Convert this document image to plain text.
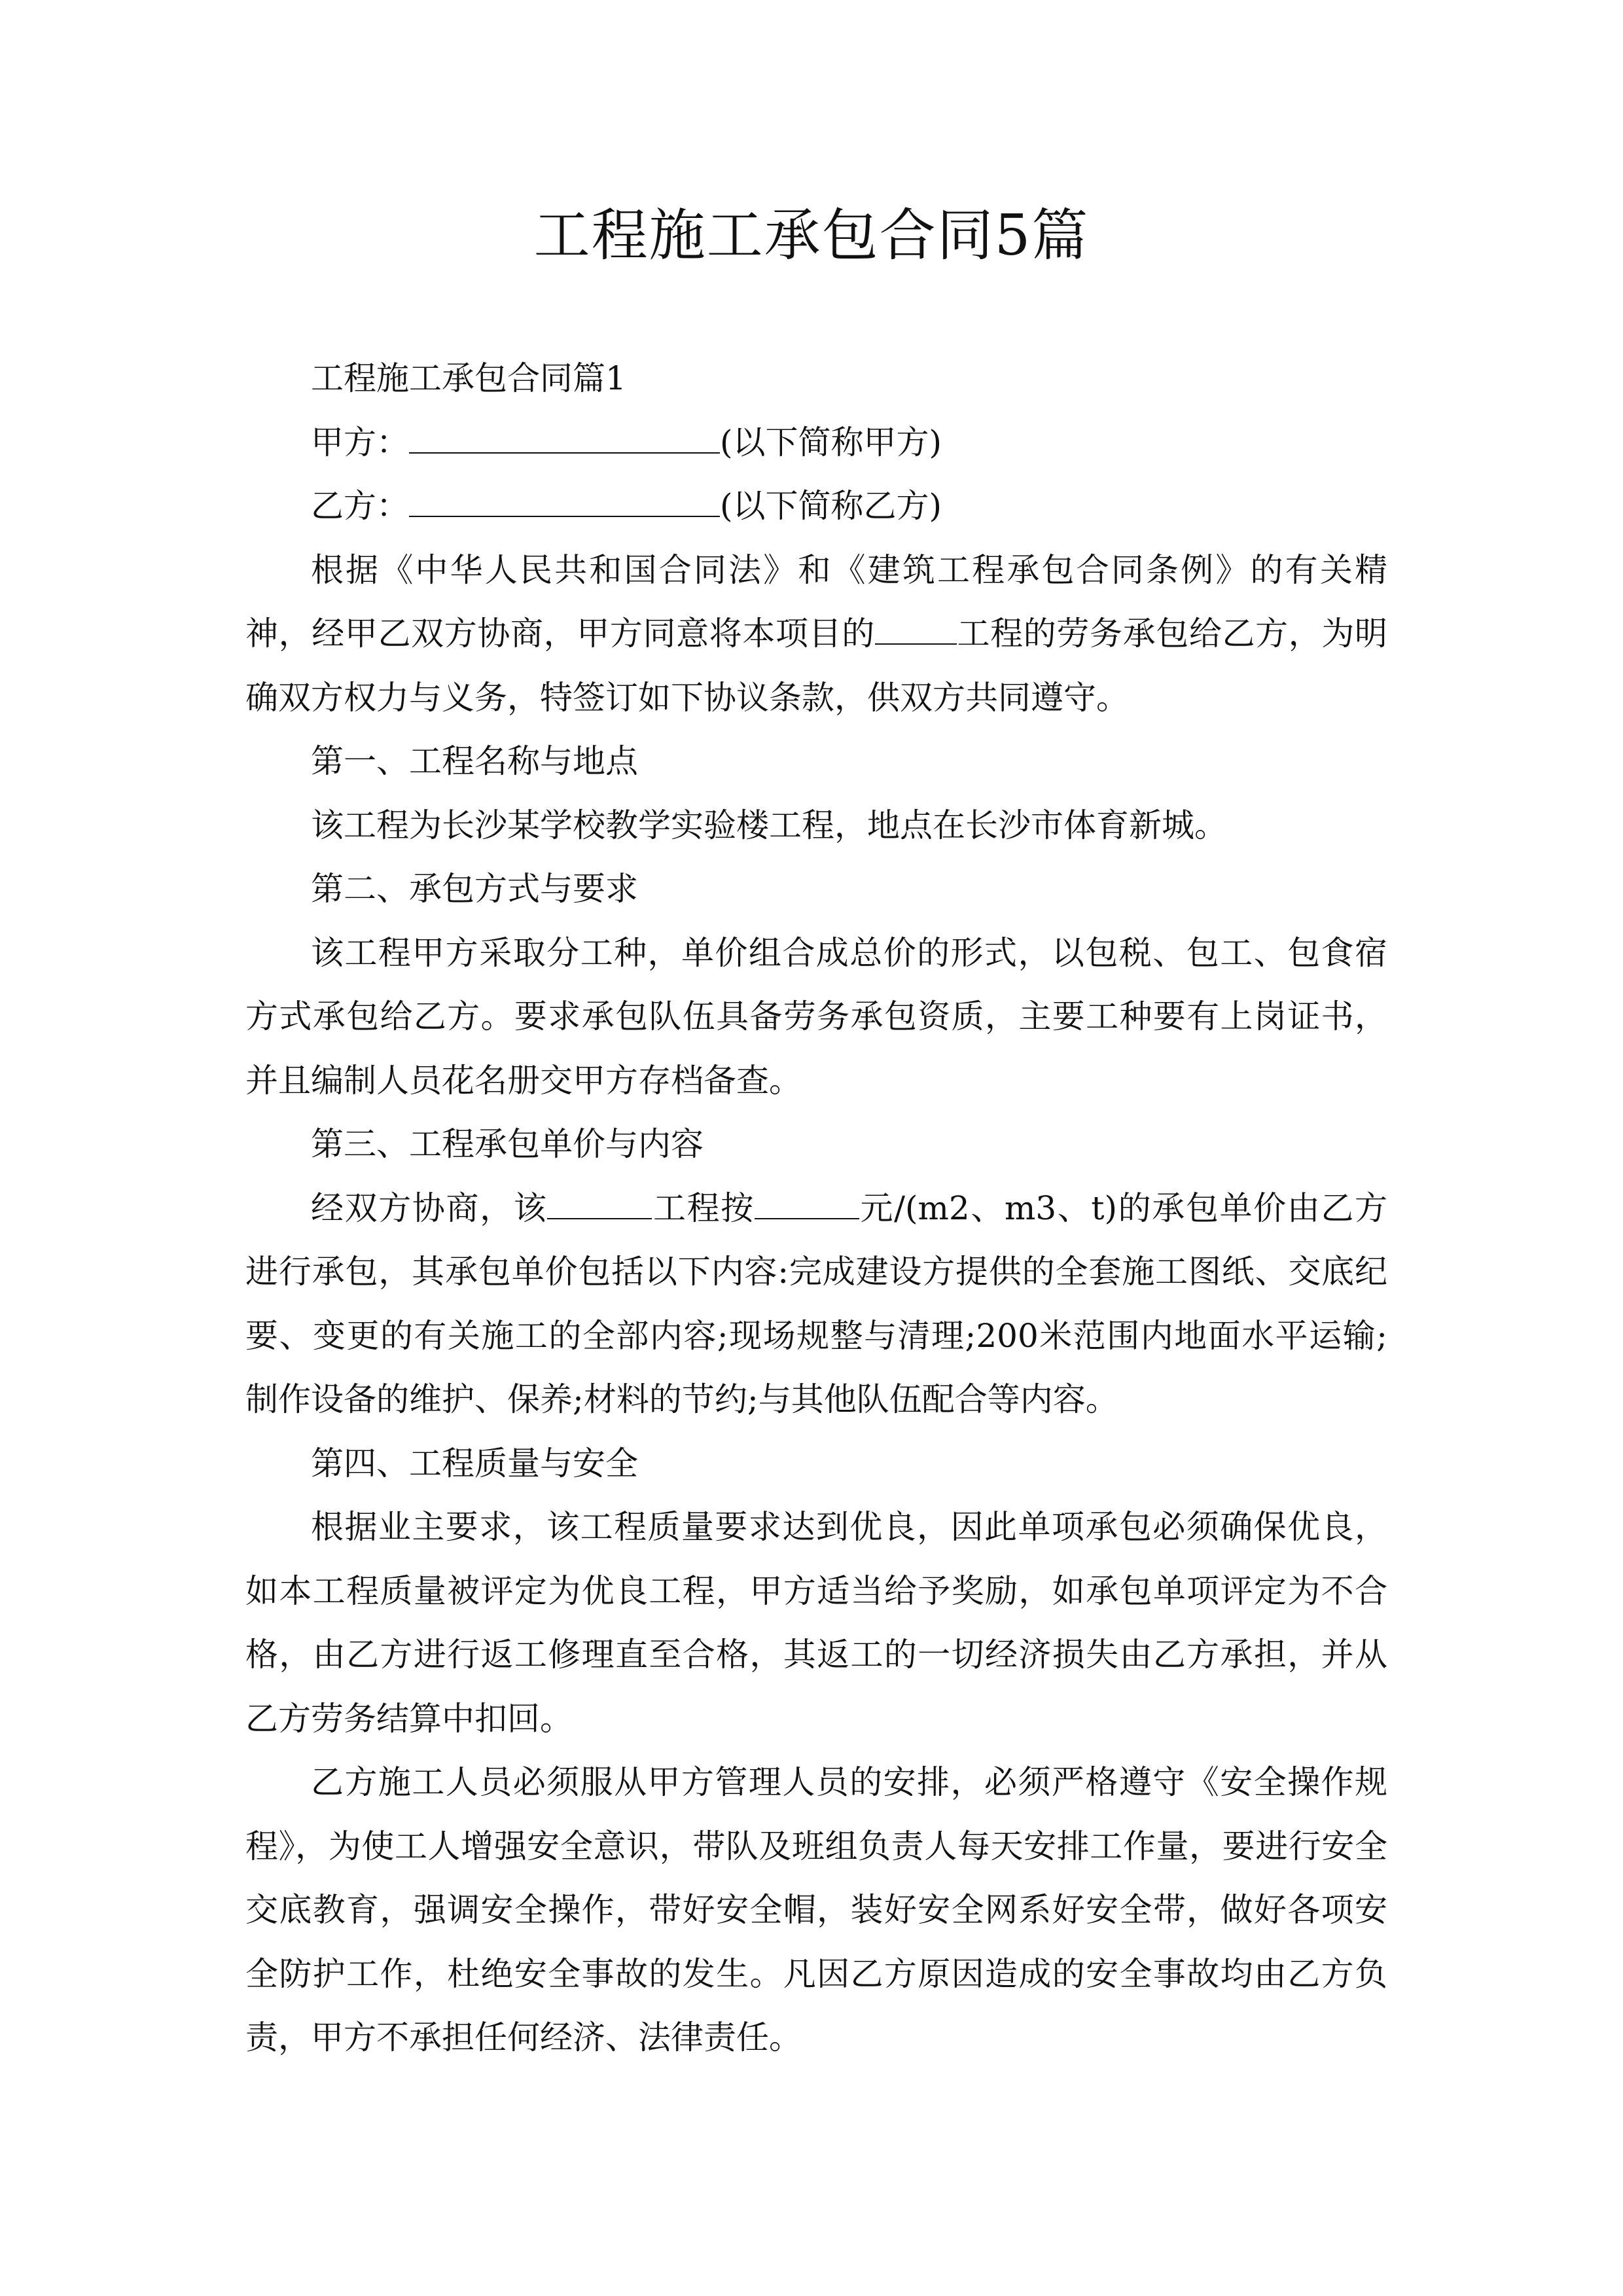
工程施工承包合同5篇

工程施工承包合同篇1

甲方：	(以下简称甲方)

乙方：	(以下简称乙方)

根据《中华人民共和国合同法》和《建筑工程承包合同条例》的有关精神，经甲乙双方协商，甲方同意将本项目的	工程的劳务承包给乙方，为明确双方权力与义务，特签订如下协议条款，供双方共同遵守。

第一、工程名称与地点

该工程为长沙某学校教学实验楼工程，地点在长沙市体育新城。

第二、承包方式与要求

该工程甲方采取分工种，单价组合成总价的形式，以包税、包工、包食宿方式承包给乙方。要求承包队伍具备劳务承包资质，主要工种要有上岗证书，并且编制人员花名册交甲方存档备查。

第三、工程承包单价与内容

经双方协商，该	工程按	元/(m2、m3、t)的承包单价由乙方进行承包，其承包单价包括以下内容:完成建设方提供的全套施工图纸、交底纪要、变更的有关施工的全部内容;现场规整与清理;200米范围内地面水平运输;制作设备的维护、保养;材料的节约;与其他队伍配合等内容。

第四、工程质量与安全

根据业主要求，该工程质量要求达到优良，因此单项承包必须确保优良，如本工程质量被评定为优良工程，甲方适当给予奖励，如承包单项评定为不合格，由乙方进行返工修理直至合格，其返工的一切经济损失由乙方承担，并从乙方劳务结算中扣回。

乙方施工人员必须服从甲方管理人员的安排，必须严格遵守《安全操作规程》，为使工人增强安全意识，带队及班组负责人每天安排工作量，要进行安全交底教育，强调安全操作，带好安全帽，装好安全网系好安全带，做好各项安全防护工作，杜绝安全事故的发生。凡因乙方原因造成的安全事故均由乙方负责，甲方不承担任何经济、法律责任。
